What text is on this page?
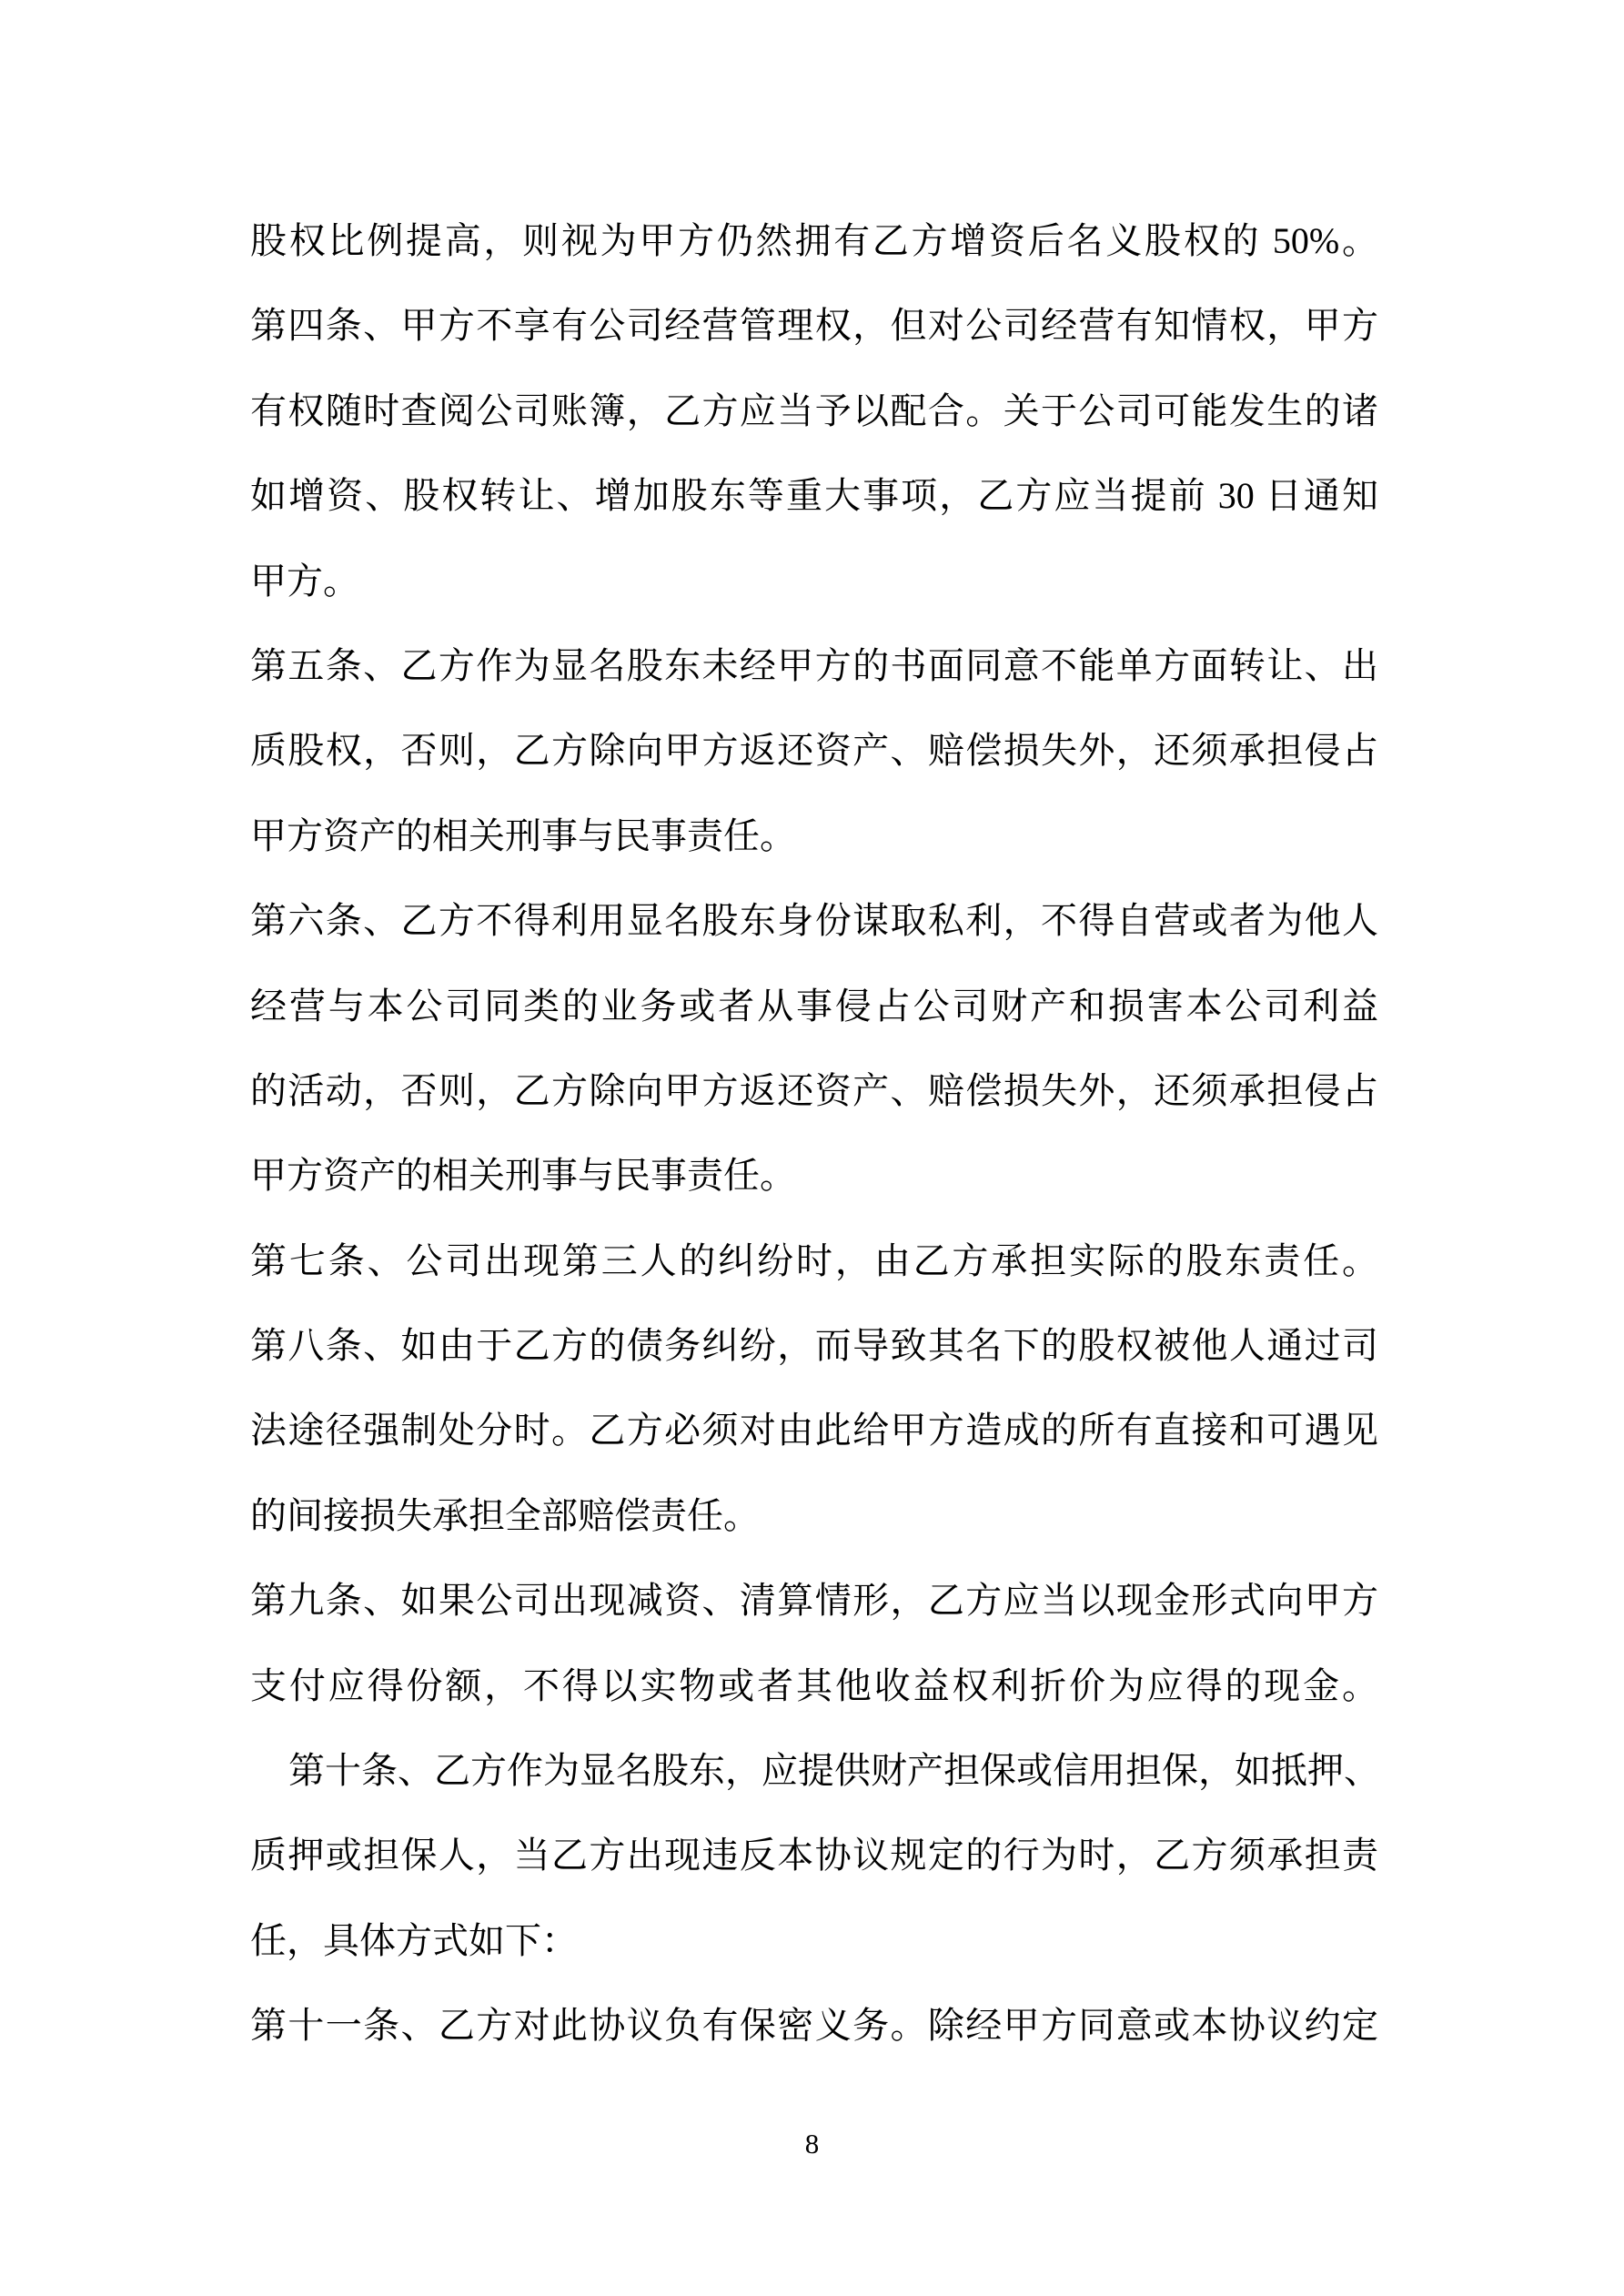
股权比例提高，则视为甲方仍然拥有乙方增资后名义股权的 50%。
第四条、甲方不享有公司经营管理权，但对公司经营有知情权，甲方
有权随时查阅公司账簿，乙方应当予以配合。关于公司可能发生的诸
如增资、股权转让、增加股东等重大事项，乙方应当提前 30 日通知
甲方。
第五条、乙方作为显名股东未经甲方的书面同意不能单方面转让、出
质股权，否则，乙方除向甲方返还资产、赔偿损失外，还须承担侵占
甲方资产的相关刑事与民事责任。
第六条、乙方不得利用显名股东身份谋取私利，不得自营或者为他人
经营与本公司同类的业务或者从事侵占公司财产和损害本公司利益
的活动，否则，乙方除向甲方返还资产、赔偿损失外，还须承担侵占
甲方资产的相关刑事与民事责任。
第七条、公司出现第三人的纠纷时，由乙方承担实际的股东责任。
第八条、如由于乙方的债务纠纷，而导致其名下的股权被他人通过司
法途径强制处分时。乙方必须对由此给甲方造成的所有直接和可遇见
的间接损失承担全部赔偿责任。
第九条、如果公司出现减资、清算情形，乙方应当以现金形式向甲方
支付应得份额，不得以实物或者其他收益权利折价为应得的现金。
第十条、乙方作为显名股东，应提供财产担保或信用担保，如抵押、
质押或担保人，当乙方出现违反本协议规定的行为时，乙方须承担责
任，具体方式如下：
第十一条、乙方对此协议负有保密义务。除经甲方同意或本协议约定
8
